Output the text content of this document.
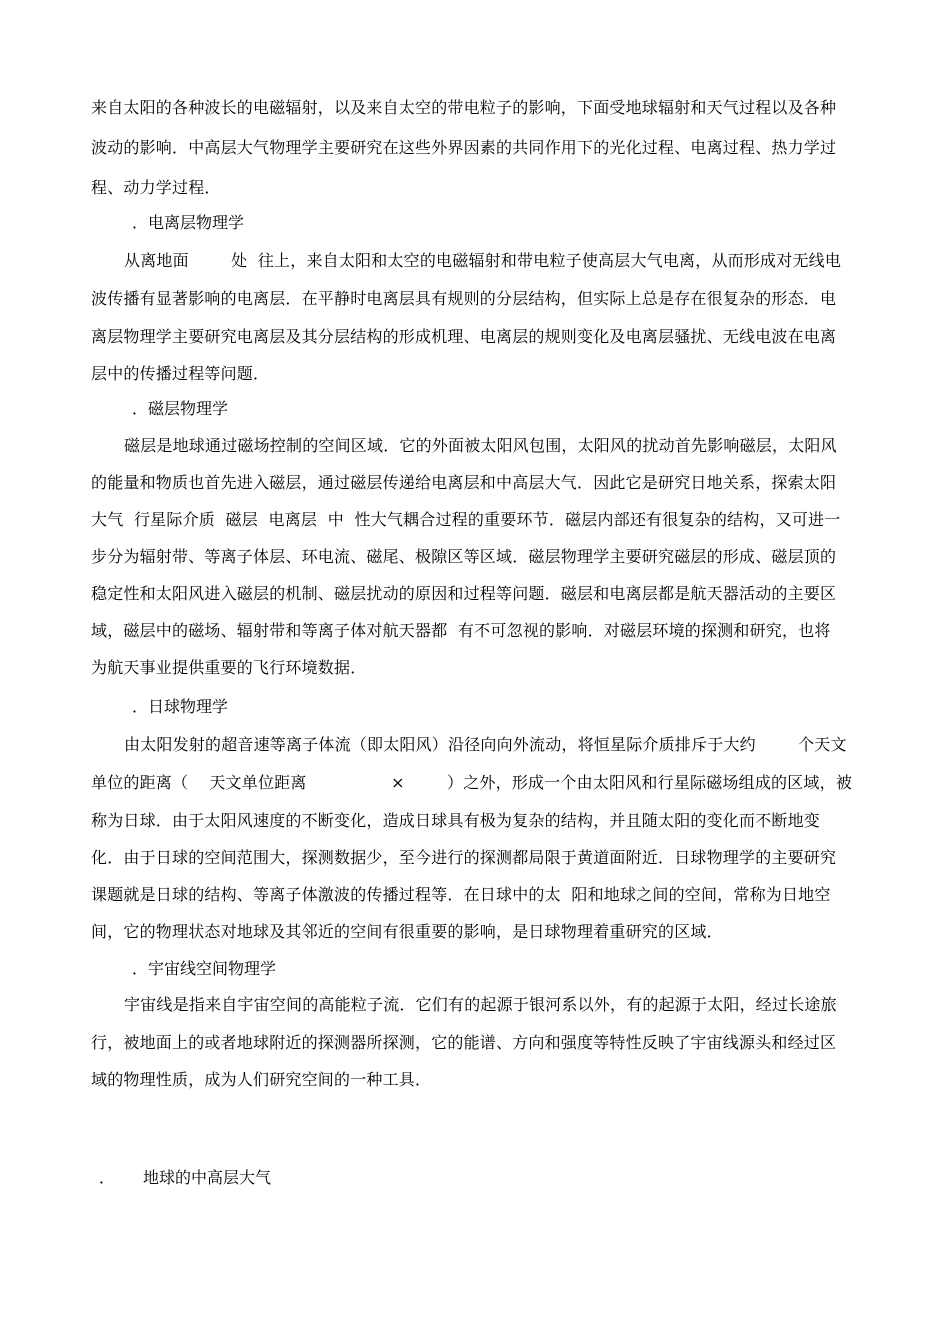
来自太阳的各种波长的电磁辐射，以及来自太空的带电粒子的影响，下面受地球辐射和天气过程以及各种
波动的影响．中高层大气物理学主要研究在这些外界因素的共同作用下的光化过程、电离过程、热力学过
程、动力学过程．
．电离层物理学
从离地面        处  往上，来自太阳和太空的电磁辐射和带电粒子使高层大气电离，从而形成对无线电
波传播有显著影响的电离层．在平静时电离层具有规则的分层结构，但实际上总是存在很复杂的形态．电
离层物理学主要研究电离层及其分层结构的形成机理、电离层的规则变化及电离层骚扰、无线电波在电离
层中的传播过程等问题．
．磁层物理学
磁层是地球通过磁场控制的空间区域．它的外面被太阳风包围，太阳风的扰动首先影响磁层，太阳风
的能量和物质也首先进入磁层，通过磁层传递给电离层和中高层大气．因此它是研究日地关系，探索太阳
大气  行星际介质  磁层  电离层  中  性大气耦合过程的重要环节．磁层内部还有很复杂的结构，又可进一
步分为辐射带、等离子体层、环电流、磁尾、极隙区等区域．磁层物理学主要研究磁层的形成、磁层顶的
稳定性和太阳风进入磁层的机制、磁层扰动的原因和过程等问题．磁层和电离层都是航天器活动的主要区
域，磁层中的磁场、辐射带和等离子体对航天器都  有不可忽视的影响．对磁层环境的探测和研究，也将
为航天事业提供重要的飞行环境数据．
．日球物理学
由太阳发射的超音速等离子体流（即太阳风）沿径向向外流动，将恒星际介质排斥于大约        个天文
单位的距离（    天文单位距离                ×        ）之外，形成一个由太阳风和行星际磁场组成的区域，被
称为日球．由于太阳风速度的不断变化，造成日球具有极为复杂的结构，并且随太阳的变化而不断地变
化．由于日球的空间范围大，探测数据少，至今进行的探测都局限于黄道面附近．日球物理学的主要研究
课题就是日球的结构、等离子体激波的传播过程等．在日球中的太  阳和地球之间的空间，常称为日地空
间，它的物理状态对地球及其邻近的空间有很重要的影响，是日球物理着重研究的区域．
．宇宙线空间物理学
宇宙线是指来自宇宙空间的高能粒子流．它们有的起源于银河系以外，有的起源于太阳，经过长途旅
行，被地面上的或者地球附近的探测器所探测，它的能谱、方向和强度等特性反映了宇宙线源头和经过区
域的物理性质，成为人们研究空间的一种工具．
． 地球的中高层大气
